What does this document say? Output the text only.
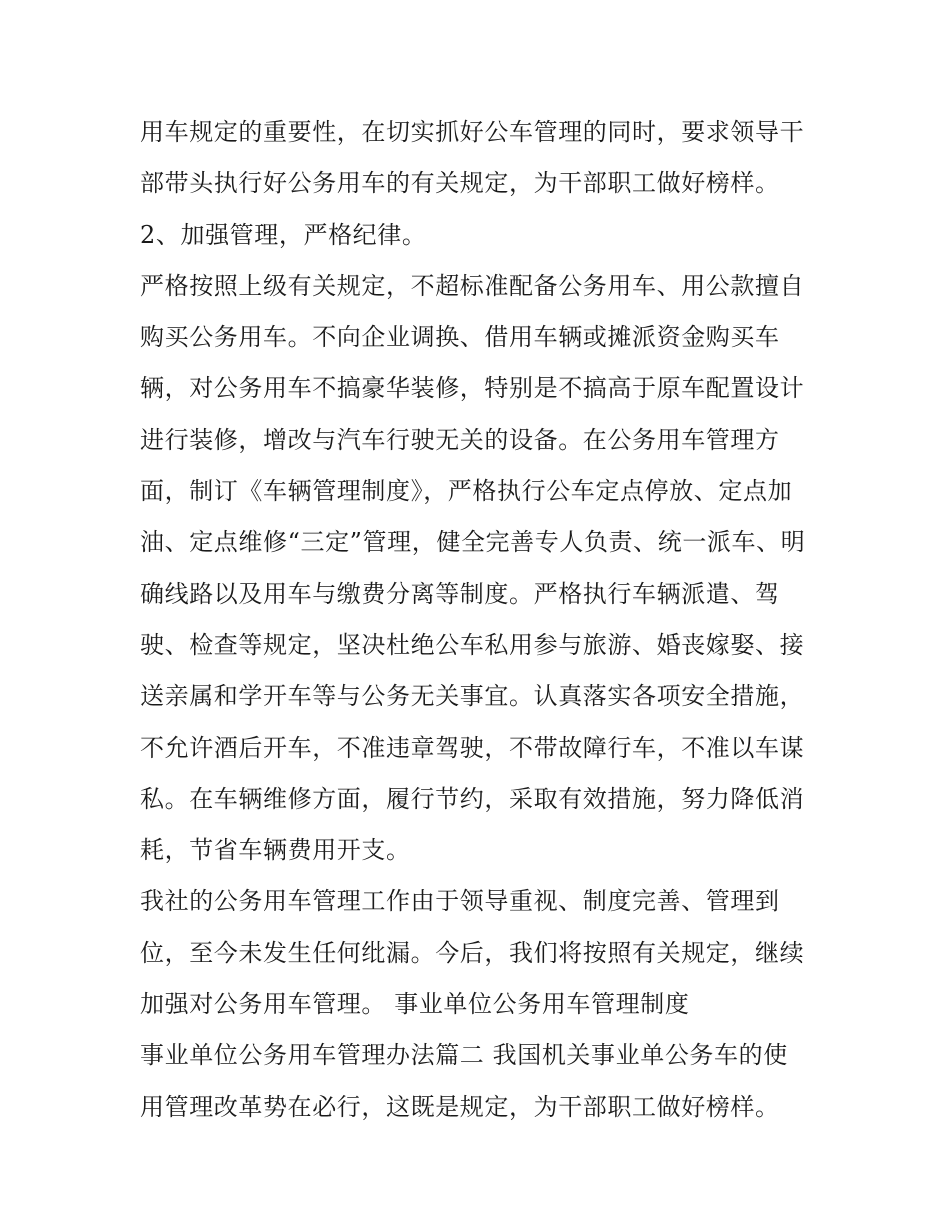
用车规定的重要性，在切实抓好公车管理的同时，要求领导干
部带头执行好公务用车的有关规定，为干部职工做好榜样。
2、加强管理，严格纪律。
严格按照上级有关规定，不超标准配备公务用车、用公款擅自
购买公务用车。不向企业调换、借用车辆或摊派资金购买车
辆，对公务用车不搞豪华装修，特别是不搞高于原车配置设计
进行装修，增改与汽车行驶无关的设备。在公务用车管理方
面，制订《车辆管理制度》，严格执行公车定点停放、定点加
油、定点维修“三定”管理，健全完善专人负责、统一派车、明
确线路以及用车与缴费分离等制度。严格执行车辆派遣、驾
驶、检查等规定，坚决杜绝公车私用参与旅游、婚丧嫁娶、接
送亲属和学开车等与公务无关事宜。认真落实各项安全措施，
不允许酒后开车，不准违章驾驶，不带故障行车，不准以车谋
私。在车辆维修方面，履行节约，采取有效措施，努力降低消
耗，节省车辆费用开支。
我社的公务用车管理工作由于领导重视、制度完善、管理到
位，至今未发生任何纰漏。今后，我们将按照有关规定，继续
加强对公务用车管理。 事业单位公务用车管理制度
事业单位公务用车管理办法篇二 我国机关事业单公务车的使
用管理改革势在必行，这既是规定，为干部职工做好榜样。
